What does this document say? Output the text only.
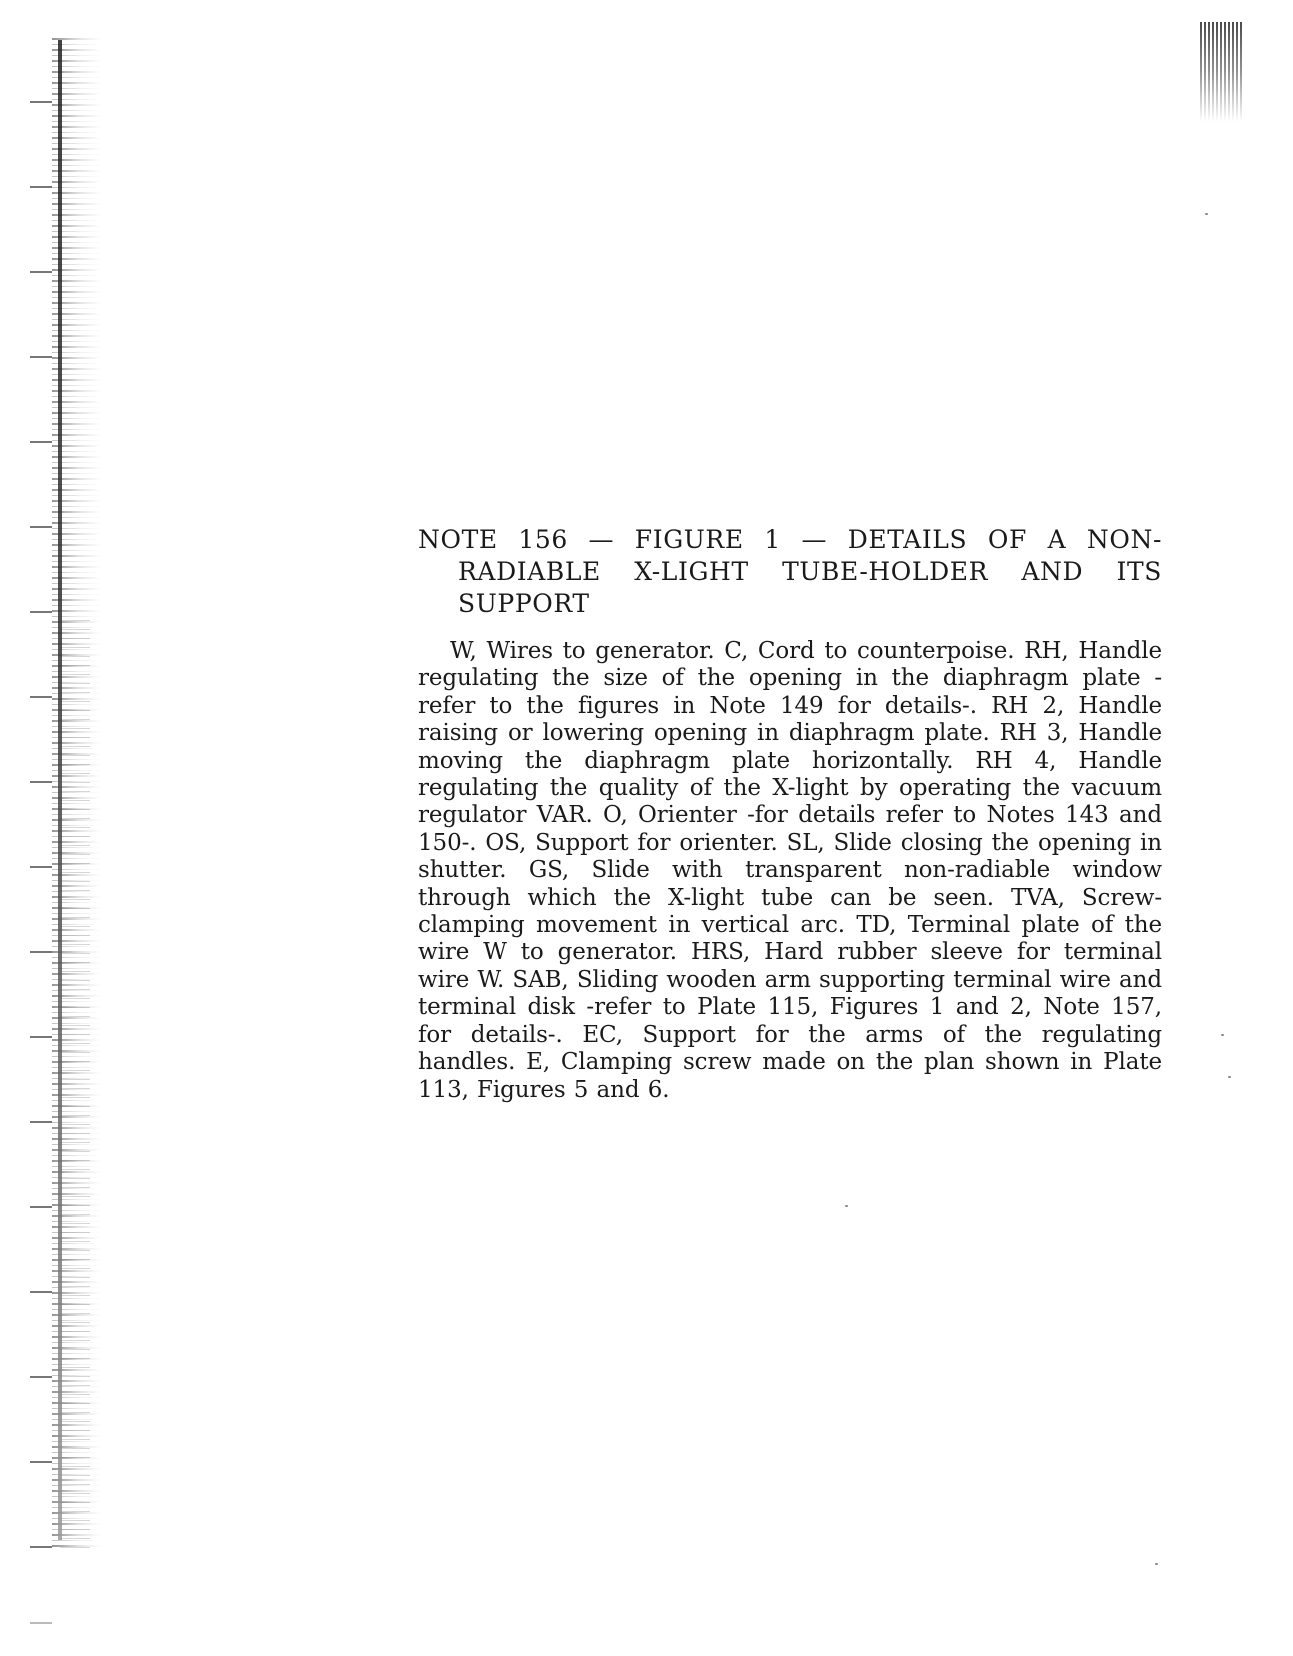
NOTE 156 — FIGURE 1 — DETAILS OF A NON-RADIABLE X-LIGHT TUBE-HOLDER AND ITS SUPPORT

W, Wires to generator. C, Cord to counterpoise. RH, Handle regulating the size of the opening in the diaphragm plate -refer to the figures in Note 149 for details-. RH 2, Handle raising or lowering opening in diaphragm plate. RH 3, Handle moving the diaphragm plate horizontally. RH 4, Handle regulating the quality of the X-light by operating the vacuum regulator VAR. O, Orienter -for details refer to Notes 143 and 150-. OS, Support for orienter. SL, Slide closing the opening in shutter. GS, Slide with transparent non-radiable window through which the X-light tube can be seen. TVA, Screw-clamping movement in vertical arc. TD, Terminal plate of the wire W to generator. HRS, Hard rubber sleeve for terminal wire W. SAB, Sliding wooden arm supporting terminal wire and terminal disk -refer to Plate 115, Figures 1 and 2, Note 157, for details-. EC, Support for the arms of the regulating handles. E, Clamping screw made on the plan shown in Plate 113, Figures 5 and 6.
